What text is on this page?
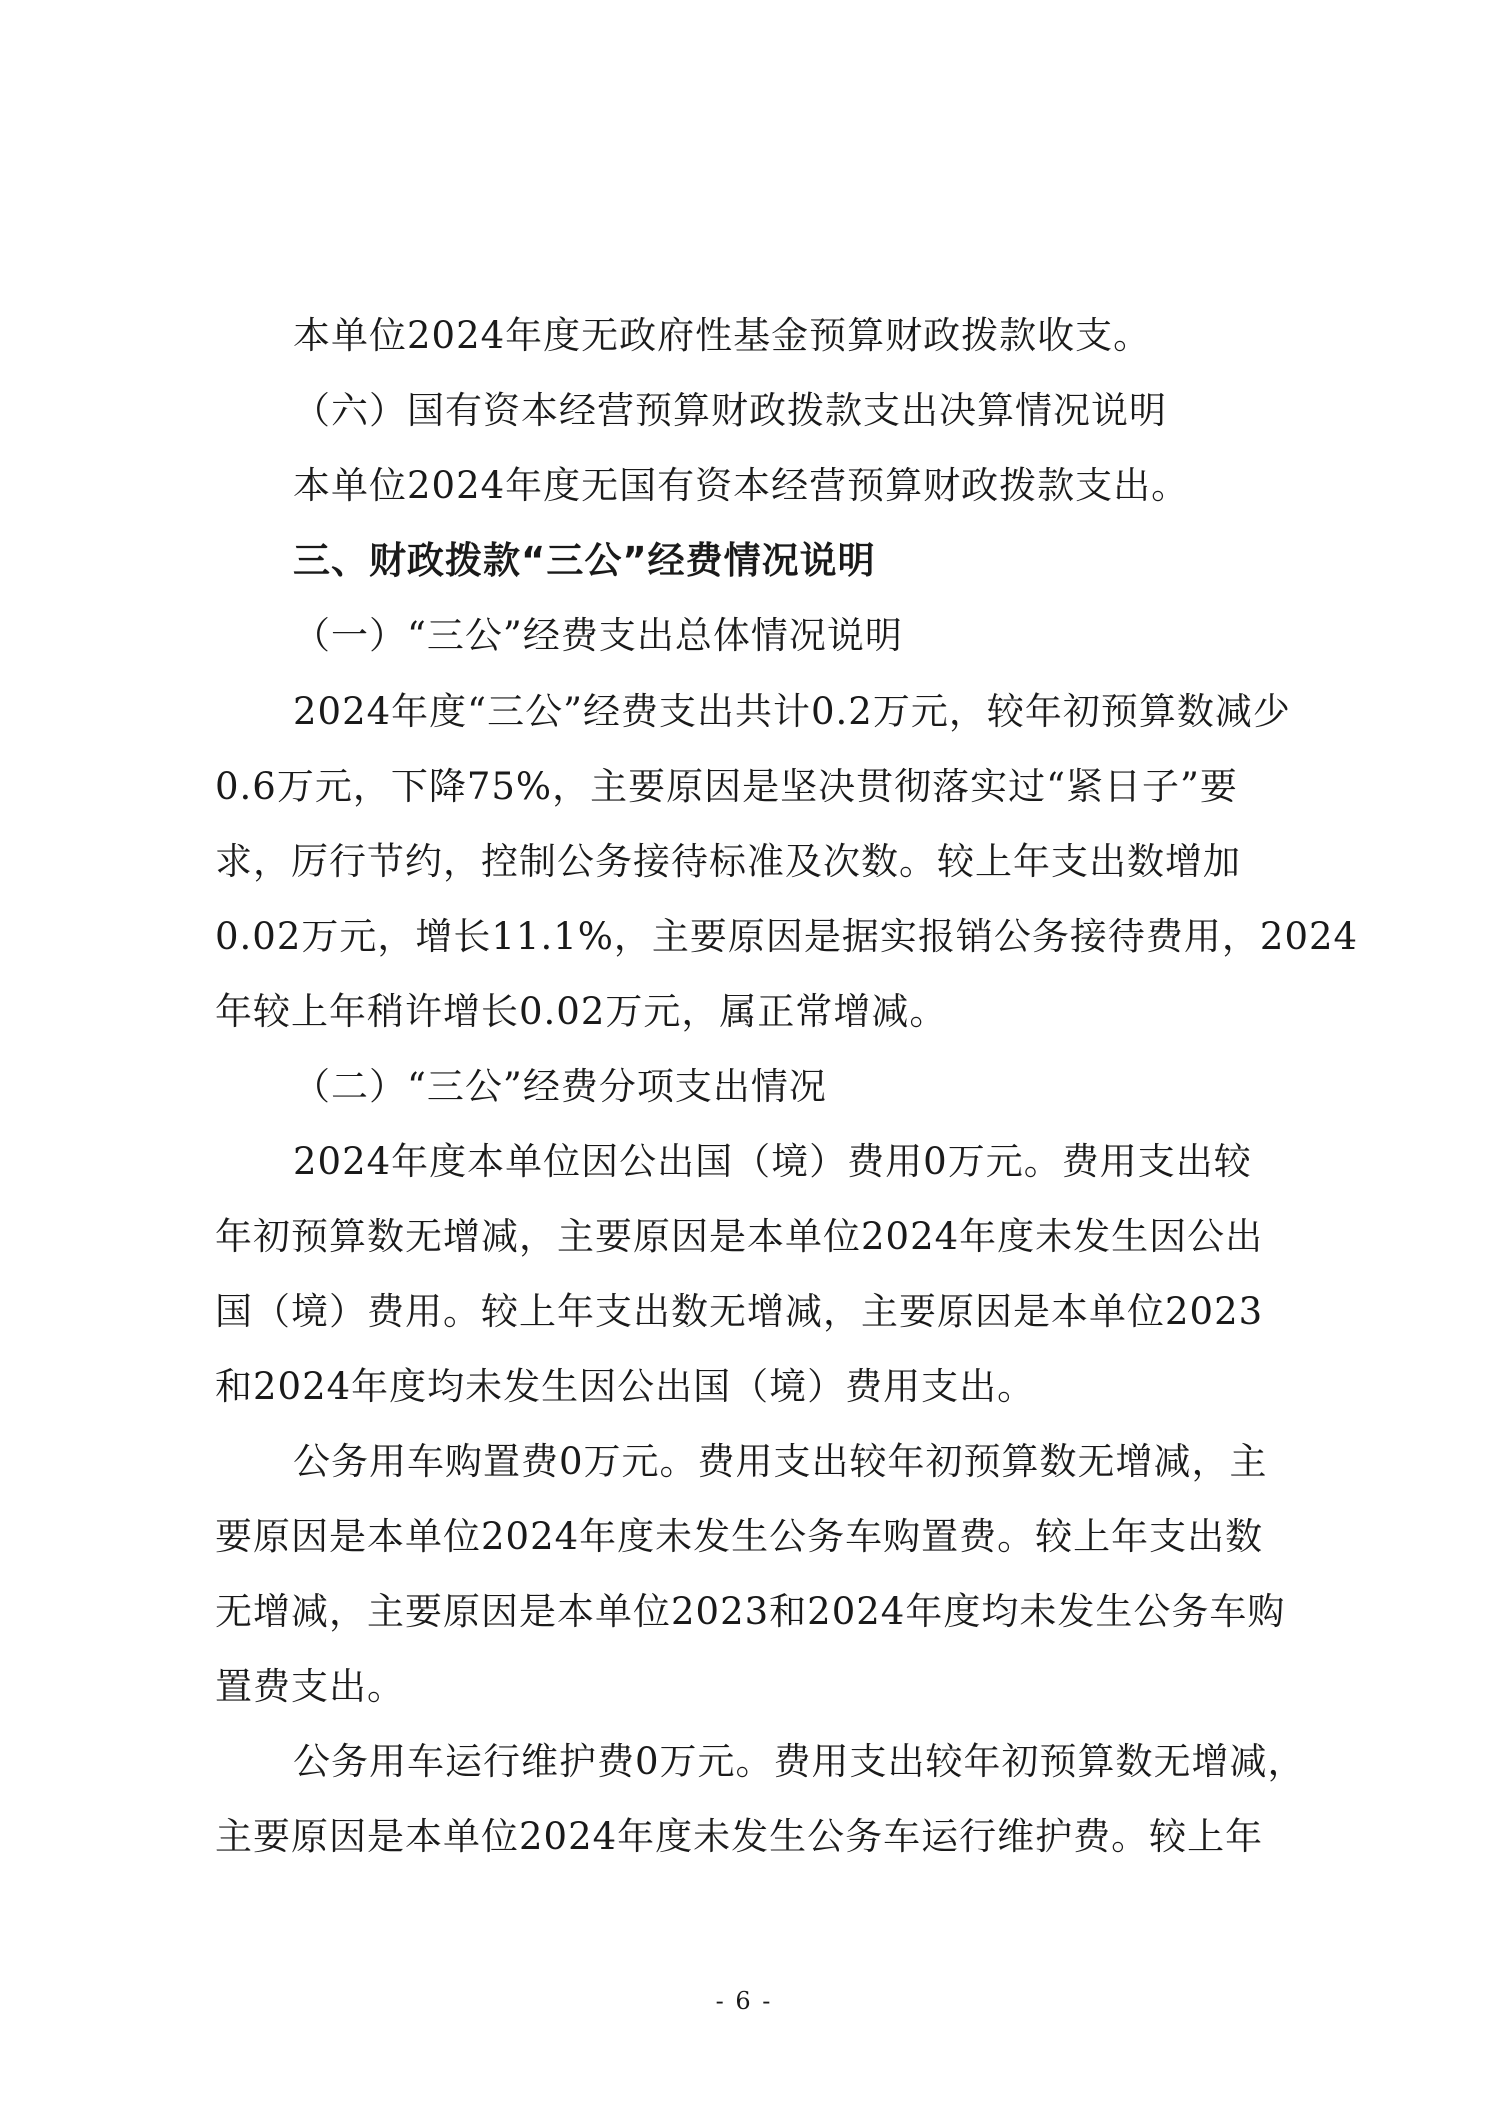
本单位2024年度无政府性基金预算财政拨款收支。
（六）国有资本经营预算财政拨款支出决算情况说明
本单位2024年度无国有资本经营预算财政拨款支出。
三、财政拨款“三公”经费情况说明
（一）“三公”经费支出总体情况说明
2024年度“三公”经费支出共计0.2万元，较年初预算数减少
0.6万元，下降75%，主要原因是坚决贯彻落实过“紧日子”要
求，厉行节约，控制公务接待标准及次数。较上年支出数增加
0.02万元，增长11.1%，主要原因是据实报销公务接待费用，2024
年较上年稍许增长0.02万元，属正常增减。
（二）“三公”经费分项支出情况
2024年度本单位因公出国（境）费用0万元。费用支出较
年初预算数无增减，主要原因是本单位2024年度未发生因公出
国（境）费用。较上年支出数无增减，主要原因是本单位2023
和2024年度均未发生因公出国（境）费用支出。
公务用车购置费0万元。费用支出较年初预算数无增减，主
要原因是本单位2024年度未发生公务车购置费。较上年支出数
无增减，主要原因是本单位2023和2024年度均未发生公务车购
置费支出。
公务用车运行维护费0万元。费用支出较年初预算数无增减，
主要原因是本单位2024年度未发生公务车运行维护费。较上年
- 6 -
